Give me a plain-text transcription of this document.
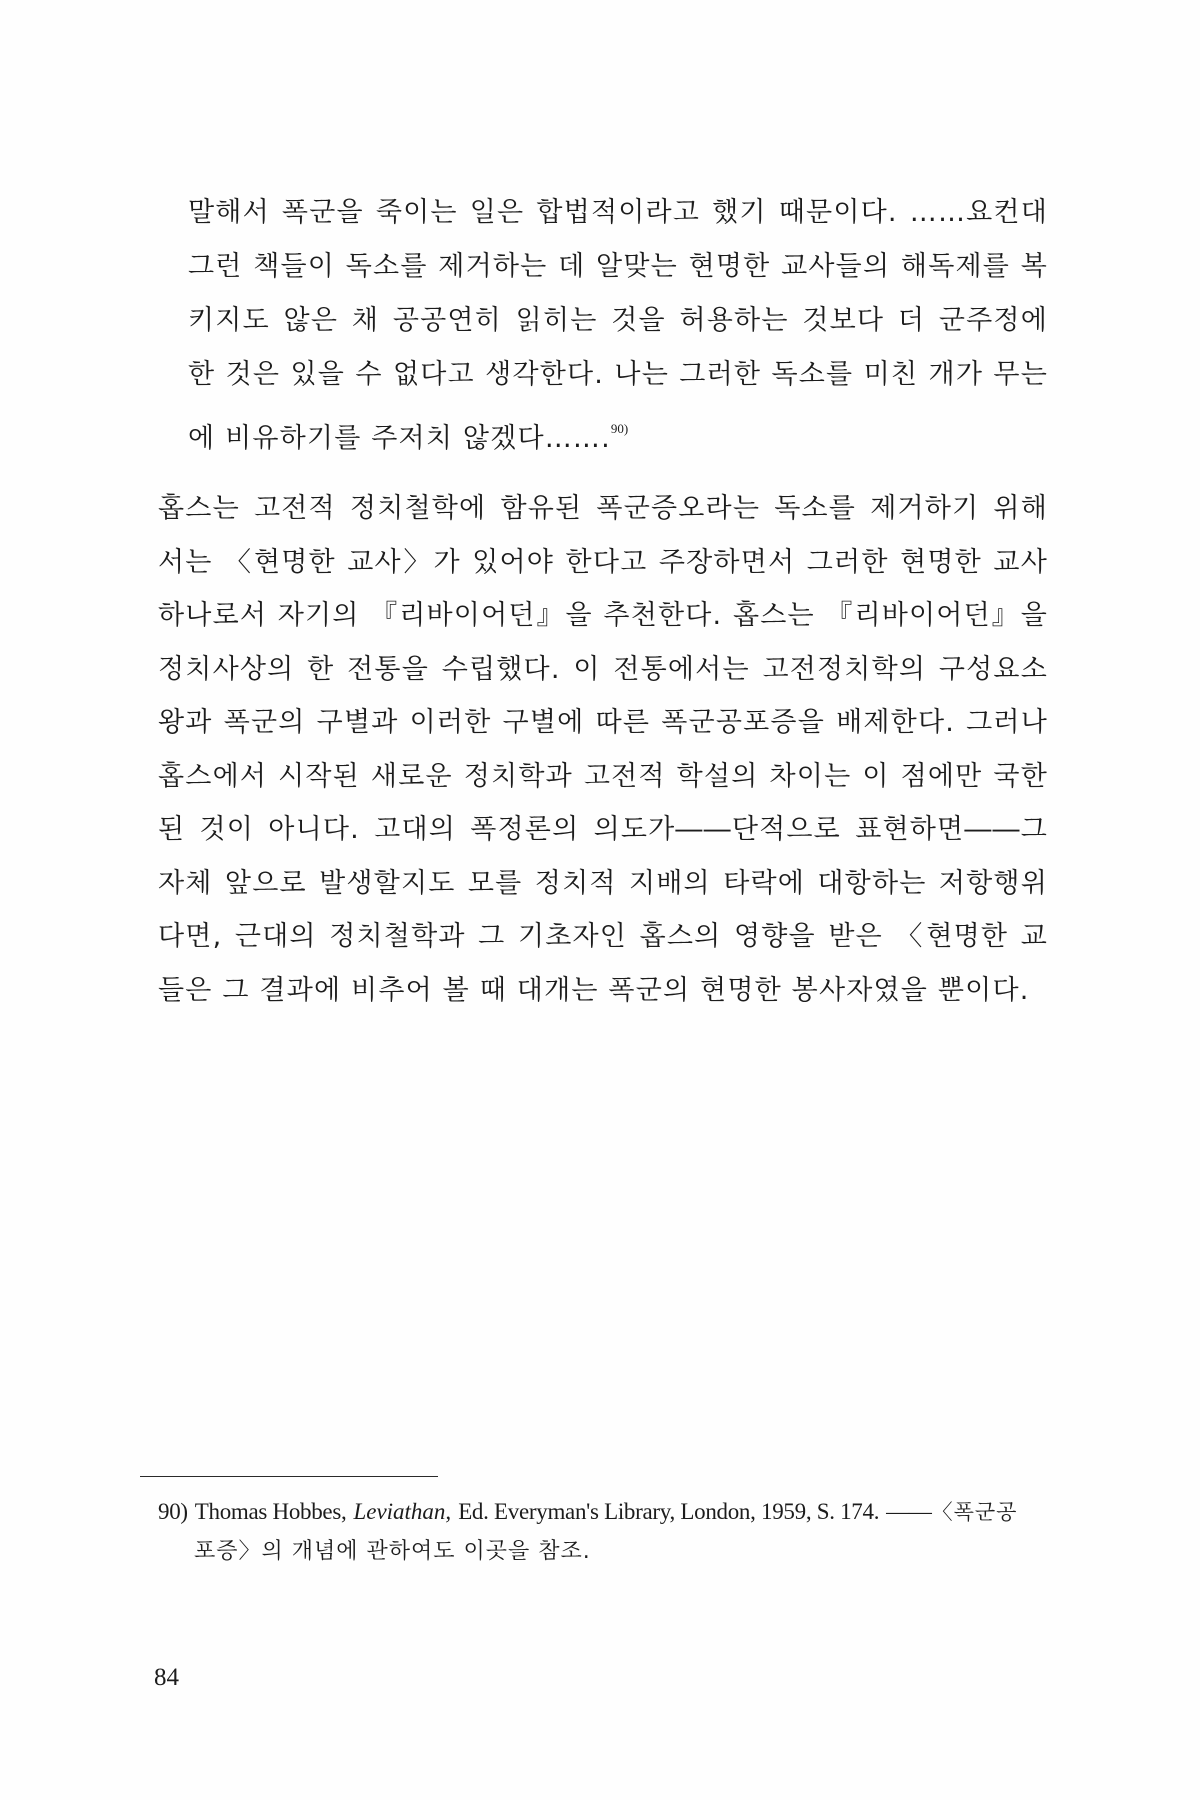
말해서 폭군을 죽이는 일은 합법적이라고 했기 때문이다. ……요컨대
그런 책들이 독소를 제거하는 데 알맞는 현명한 교사들의 해독제를 복
키지도 않은 채 공공연히 읽히는 것을 허용하는 것보다 더 군주정에
한 것은 있을 수 없다고 생각한다. 나는 그러한 독소를 미친 개가 무는
에 비유하기를 주저치 않겠다…….$^{90)}$
홉스는 고전적 정치철학에 함유된 폭군증오라는 독소를 제거하기 위해
서는 〈현명한 교사〉가 있어야 한다고 주장하면서 그러한 현명한 교사
하나로서 자기의 『리바이어던』을 추천한다. 홉스는 『리바이어던』을
정치사상의 한 전통을 수립했다. 이 전통에서는 고전정치학의 구성요소
왕과 폭군의 구별과 이러한 구별에 따른 폭군공포증을 배제한다. 그러나
홉스에서 시작된 새로운 정치학과 고전적 학설의 차이는 이 점에만 국한
된 것이 아니다. 고대의 폭정론의 의도가――단적으로 표현하면――그
자체 앞으로 발생할지도 모를 정치적 지배의 타락에 대항하는 저항행위
다면, 근대의 정치철학과 그 기초자인 홉스의 영향을 받은 〈현명한 교
들은 그 결과에 비추어 볼 때 대개는 폭군의 현명한 봉사자였을 뿐이다.
90) Thomas Hobbes, Leviathan, Ed. Everyman's Library, London, 1959, S. 174. ――〈폭군공
포증〉의 개념에 관하여도 이곳을 참조.
84
